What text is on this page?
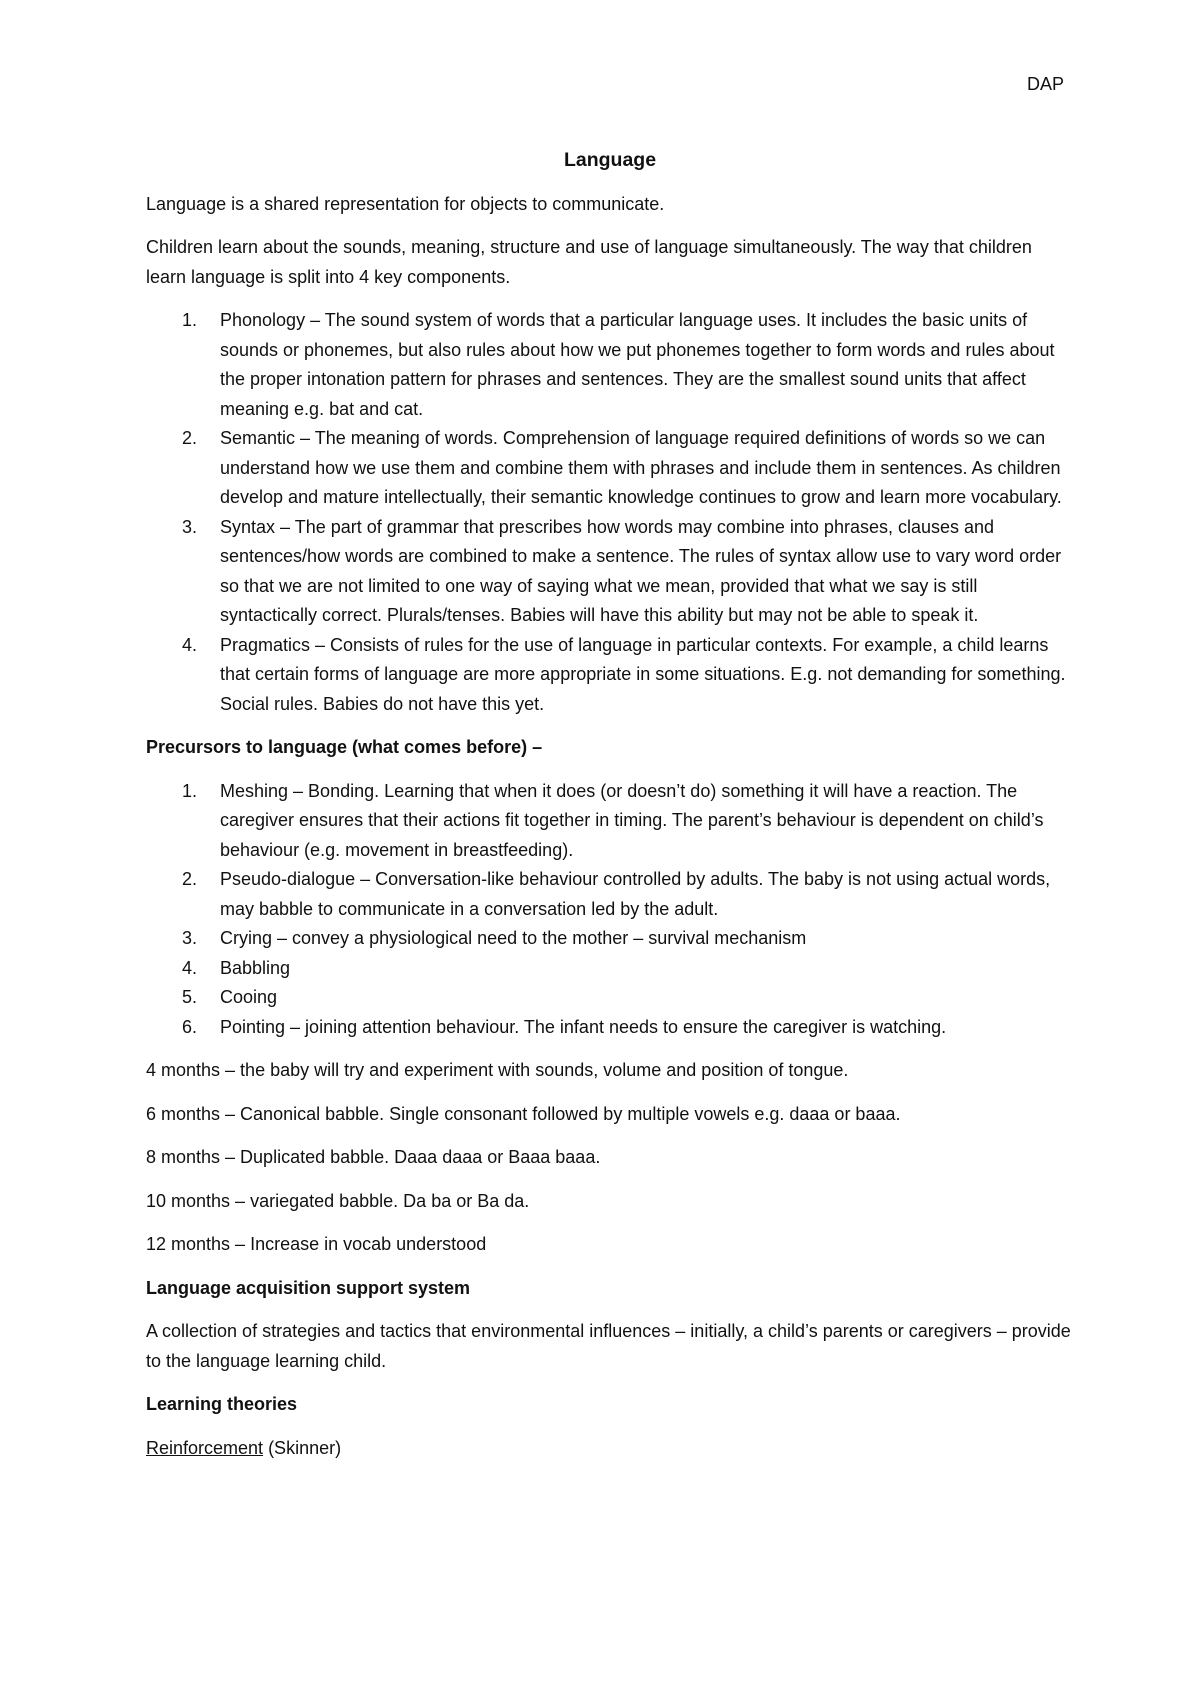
DAP
Language

Language is a shared representation for objects to communicate.

Children learn about the sounds, meaning, structure and use of language simultaneously. The way that children learn language is split into 4 key components.

1. Phonology – The sound system of words that a particular language uses. It includes the basic units of sounds or phonemes, but also rules about how we put phonemes together to form words and rules about the proper intonation pattern for phrases and sentences. They are the smallest sound units that affect meaning e.g. bat and cat.
2. Semantic – The meaning of words. Comprehension of language required definitions of words so we can understand how we use them and combine them with phrases and include them in sentences. As children develop and mature intellectually, their semantic knowledge continues to grow and learn more vocabulary.
3. Syntax – The part of grammar that prescribes how words may combine into phrases, clauses and sentences/how words are combined to make a sentence. The rules of syntax allow use to vary word order so that we are not limited to one way of saying what we mean, provided that what we say is still syntactically correct. Plurals/tenses. Babies will have this ability but may not be able to speak it.
4. Pragmatics – Consists of rules for the use of language in particular contexts. For example, a child learns that certain forms of language are more appropriate in some situations. E.g. not demanding for something. Social rules. Babies do not have this yet.

Precursors to language (what comes before) –

1. Meshing – Bonding. Learning that when it does (or doesn’t do) something it will have a reaction. The caregiver ensures that their actions fit together in timing. The parent’s behaviour is dependent on child’s behaviour (e.g. movement in breastfeeding).
2. Pseudo-dialogue – Conversation-like behaviour controlled by adults. The baby is not using actual words, may babble to communicate in a conversation led by the adult.
3. Crying – convey a physiological need to the mother – survival mechanism
4. Babbling
5. Cooing
6. Pointing – joining attention behaviour. The infant needs to ensure the caregiver is watching.

4 months – the baby will try and experiment with sounds, volume and position of tongue.

6 months – Canonical babble. Single consonant followed by multiple vowels e.g. daaa or baaa.

8 months – Duplicated babble. Daaa daaa or Baaa baaa.

10 months – variegated babble. Da ba or Ba da.

12 months – Increase in vocab understood

Language acquisition support system

A collection of strategies and tactics that environmental influences – initially, a child’s parents or caregivers – provide to the language learning child.

Learning theories

Reinforcement (Skinner)
